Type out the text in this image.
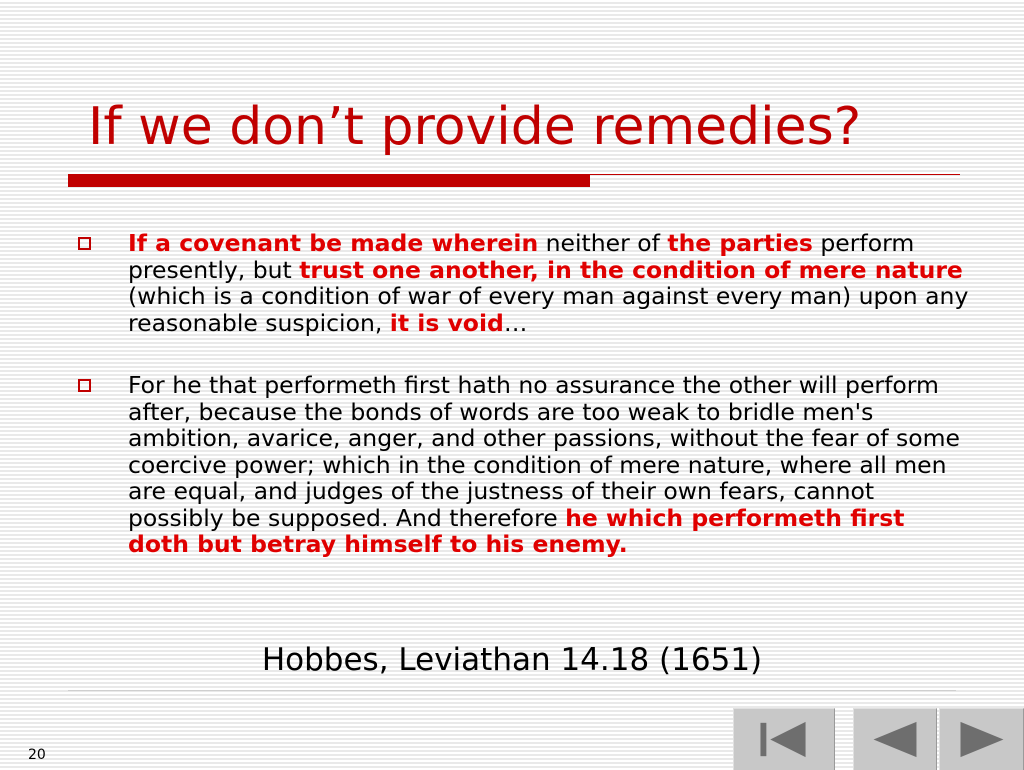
If we don’t provide remedies?
If a covenant be made wherein neither of the parties perform presently, but trust one another, in the condition of mere nature (which is a condition of war of every man against every man) upon any reasonable suspicion, it is void…
For he that performeth first hath no assurance the other will perform after, because the bonds of words are too weak to bridle men's ambition, avarice, anger, and other passions, without the fear of some coercive power; which in the condition of mere nature, where all men are equal, and judges of the justness of their own fears, cannot possibly be supposed. And therefore he which performeth first doth but betray himself to his enemy.
Hobbes, Leviathan 14.18 (1651)
20
